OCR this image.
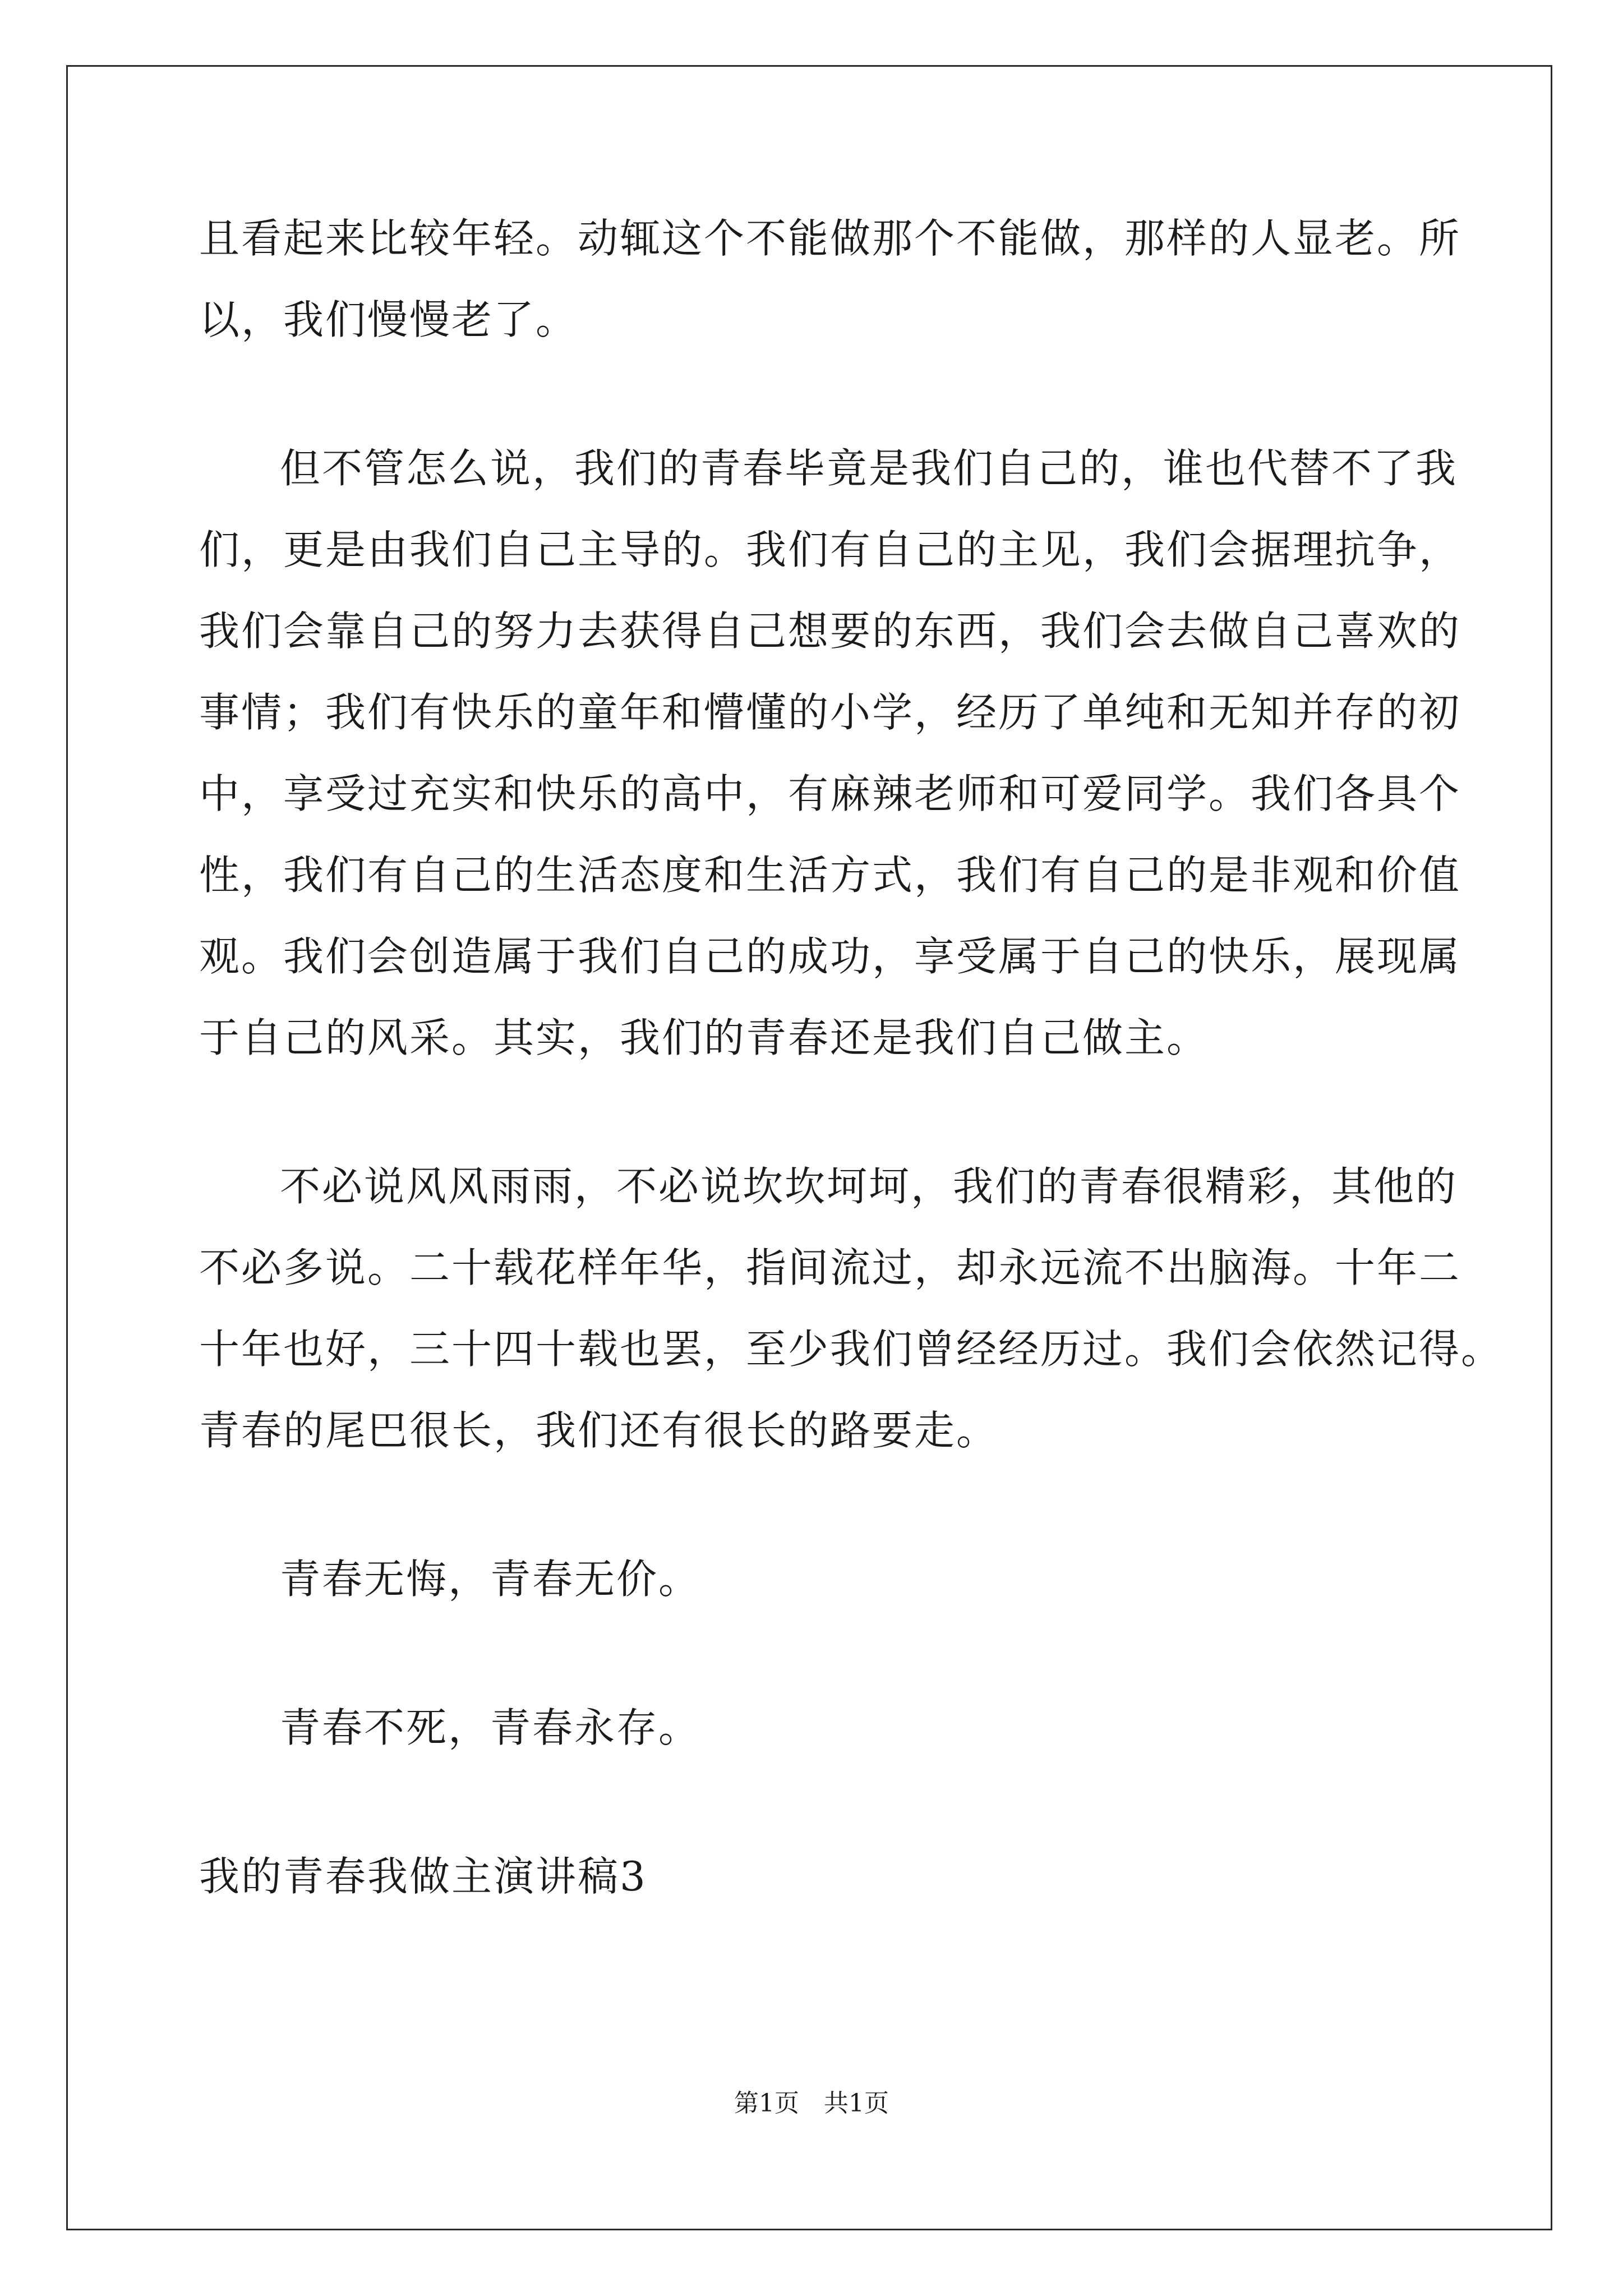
且看起来比较年轻。动辄这个不能做那个不能做，那样的人显老。所
以，我们慢慢老了。
但不管怎么说，我们的青春毕竟是我们自己的，谁也代替不了我
们，更是由我们自己主导的。我们有自己的主见，我们会据理抗争，
我们会靠自己的努力去获得自己想要的东西，我们会去做自己喜欢的
事情；我们有快乐的童年和懵懂的小学，经历了单纯和无知并存的初
中，享受过充实和快乐的高中，有麻辣老师和可爱同学。我们各具个
性，我们有自己的生活态度和生活方式，我们有自己的是非观和价值
观。我们会创造属于我们自己的成功，享受属于自己的快乐，展现属
于自己的风采。其实，我们的青春还是我们自己做主。
不必说风风雨雨，不必说坎坎坷坷，我们的青春很精彩，其他的
不必多说。二十载花样年华，指间流过，却永远流不出脑海。十年二
十年也好，三十四十载也罢，至少我们曾经经历过。我们会依然记得。
青春的尾巴很长，我们还有很长的路要走。
青春无悔，青春无价。
青春不死，青春永存。
我的青春我做主演讲稿3
第1页　共1页
